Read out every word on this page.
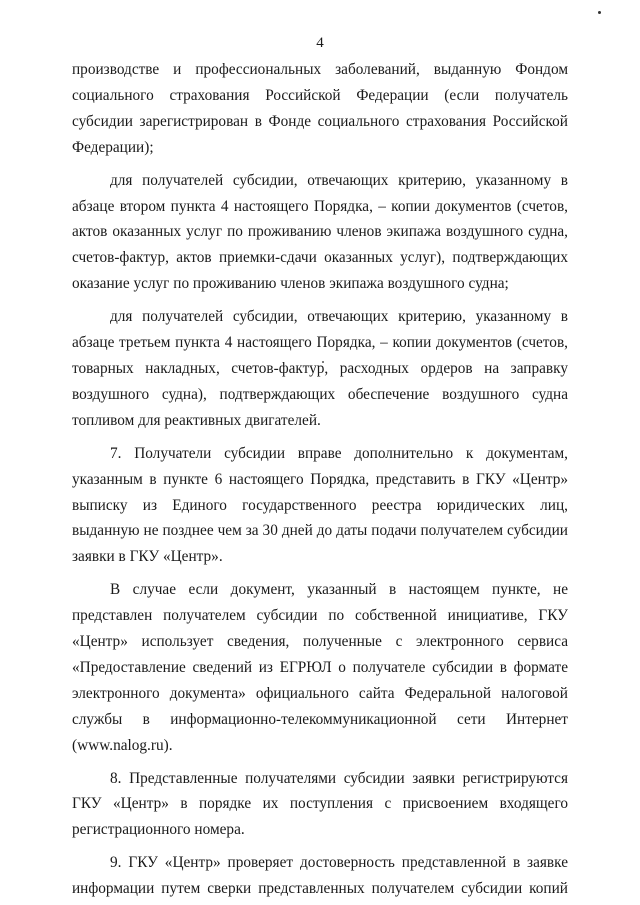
4

производстве и профессиональных заболеваний, выданную Фондом социального страхования Российской Федерации (если получатель субсидии зарегистрирован в Фонде социального страхования Российской Федерации);

для получателей субсидии, отвечающих критерию, указанному в абзаце втором пункта 4 настоящего Порядка, – копии документов (счетов, актов оказанных услуг по проживанию членов экипажа воздушного судна, счетов-фактур, актов приемки-сдачи оказанных услуг), подтверждающих оказание услуг по проживанию членов экипажа воздушного судна;

для получателей субсидии, отвечающих критерию, указанному в абзаце третьем пункта 4 настоящего Порядка, – копии документов (счетов, товарных накладных, счетов-фактур, расходных ордеров на заправку воздушного судна), подтверждающих обеспечение воздушного судна топливом для реактивных двигателей.

7. Получатели субсидии вправе дополнительно к документам, указанным в пункте 6 настоящего Порядка, представить в ГКУ «Центр» выписку из Единого государственного реестра юридических лиц, выданную не позднее чем за 30 дней до даты подачи получателем субсидии заявки в ГКУ «Центр».

В случае если документ, указанный в настоящем пункте, не представлен получателем субсидии по собственной инициативе, ГКУ «Центр» использует сведения, полученные с электронного сервиса «Предоставление сведений из ЕГРЮЛ о получателе субсидии в формате электронного документа» официального сайта Федеральной налоговой службы в информационно-телекоммуникационной сети Интернет (www.nalog.ru).

8. Представленные получателями субсидии заявки регистрируются ГКУ «Центр» в порядке их поступления с присвоением входящего регистрационного номера.

9. ГКУ «Центр» проверяет достоверность представленной в заявке информации путем сверки представленных получателем субсидии копий
